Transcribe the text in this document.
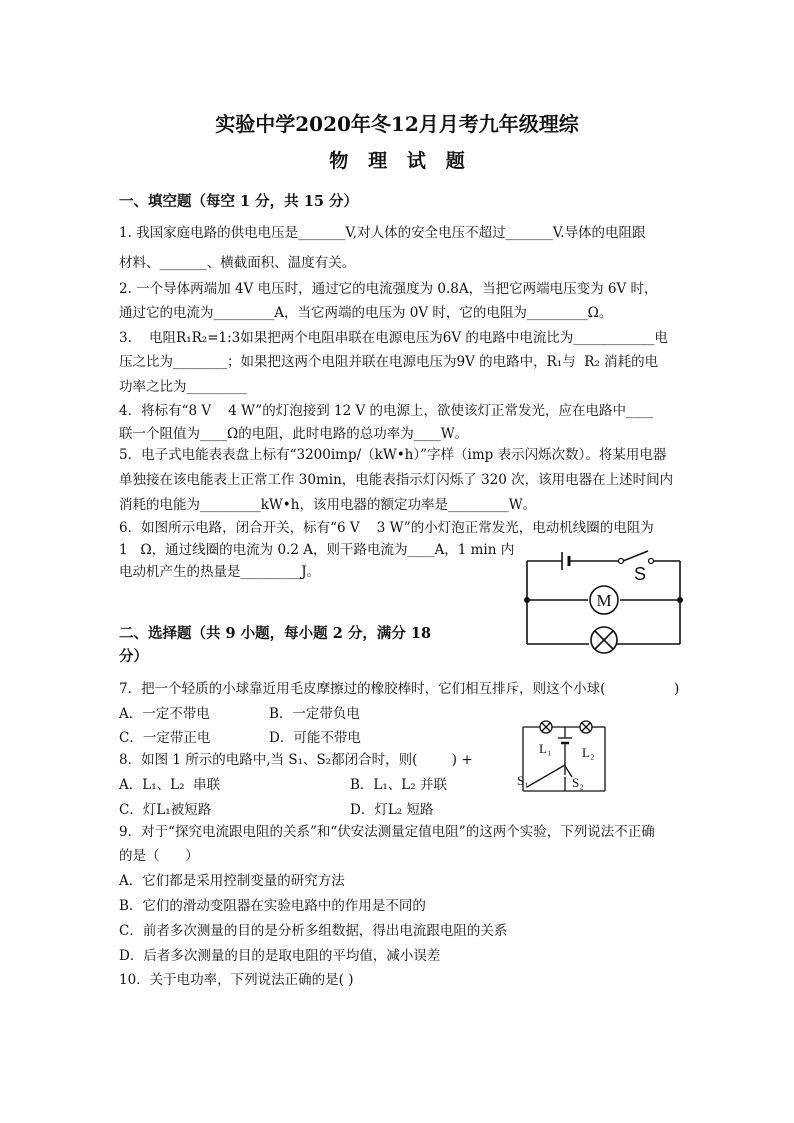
实验中学2020年冬12月月考九年级理综
物   理   试   题
一、填空题（每空 1 分，共 15 分）
1. 我国家庭电路的供电电压是_______V,对人体的安全电压不超过_______V.导体的电阻跟
材料、_______、横截面积、温度有关。
2. 一个导体两端加 4V 电压时，通过它的电流强度为 0.8A，当把它两端电压变为 6V 时，
通过它的电流为_________A，当它两端的电压为 0V 时，它的电阻为_________Ω。
3.    电阻R₁R₂=1:3如果把两个电阻串联在电源电压为6V 的电路中电流比为____________电
压之比为________；如果把这两个电阻并联在电源电压为9V 的电路中，R₁与  R₂ 消耗的电
功率之比为_________
4．将标有“8 V    4 W”的灯泡接到 12 V 的电源上，欲使该灯正常发光，应在电路中____
联一个阻值为____Ω的电阻，此时电路的总功率为____W。
5．电子式电能表表盘上标有“3200imp/（kW•h）”字样（imp 表示闪烁次数）。将某用电器
单独接在该电能表上正常工作 30min，电能表指示灯闪烁了 320 次，该用电器在上述时间内
消耗的电能为_________kW•h，该用电器的额定功率是_________W。
6．如图所示电路，闭合开关，标有“6 V    3 W”的小灯泡正常发光，电动机线圈的电阻为
1   Ω，通过线圈的电流为 0.2 A，则干路电流为____A，1 min 内
电动机产生的热量是_________J。	S
M
二、选择题（共 9 小题，每小题 2 分，满分 18
分）
7．把一个轻质的小球靠近用毛皮摩擦过的橡胶棒时，它们相互排斥，则这个小球(                )
A．一定不带电	B．一定带负电
C．一定带正电	D．可能不带电
8．如图 1 所示的电路中,当 S₁、S₂都闭合时，则(        ) +
A．L₁、L₂  串联	B．L₁、L₂ 并联
C．灯L₁被短路	D．灯L₂ 短路
L₁ L₂
S₁	S₂
9．对于“探究电流跟电阻的关系”和“伏安法测量定值电阻”的这两个实验，下列说法不正确
的是（      ）
A．它们都是采用控制变量的研究方法
B．它们的滑动变阻器在实验电路中的作用是不同的
C．前者多次测量的目的是分析多组数据，得出电流跟电阻的关系
D．后者多次测量的目的是取电阻的平均值，减小误差
10．关于电功率，下列说法正确的是( )
